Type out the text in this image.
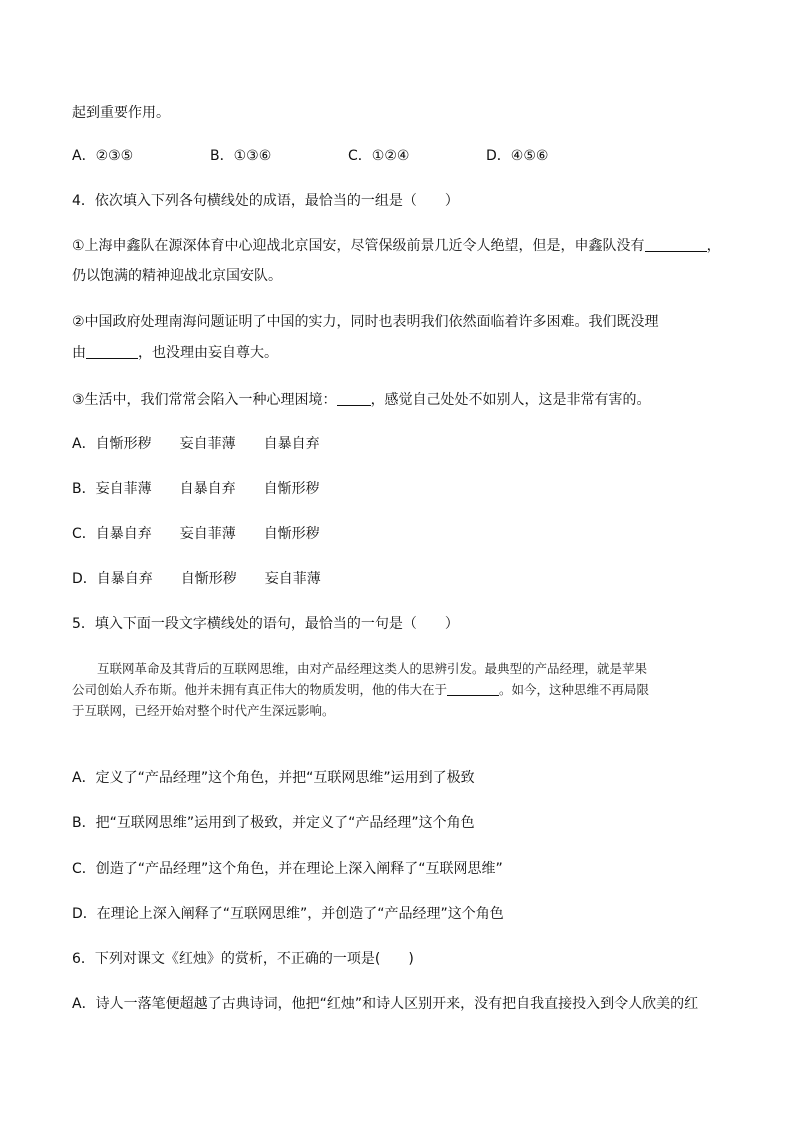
起到重要作用。
A．②③⑤	B．①③⑥	C．①②④	D．④⑤⑥
4．依次填入下列各句横线处的成语，最恰当的一组是（　　）
①上海申鑫队在源深体育中心迎战北京国安，尽管保级前景几近令人绝望，但是，申鑫队没有	，
仍以饱满的精神迎战北京国安队。
②中国政府处理南海问题证明了中国的实力，同时也表明我们依然面临着许多困难。我们既没理
由	，也没理由妄自尊大。
③生活中，我们常常会陷入一种心理困境： ，感觉自己处处不如别人，这是非常有害的。
A．自惭形秽　　妄自菲薄　　自暴自弃
B．妄自菲薄　　自暴自弃　　自惭形秽
C．自暴自弃　　妄自菲薄　　自惭形秽
D．自暴自弃　　自惭形秽　　妄自菲薄
5．填入下面一段文字横线处的语句，最恰当的一句是（　　）

互联网革命及其背后的互联网思维，由对产品经理这类人的思辨引发。最典型的产品经理，就是苹果

公司创始人乔布斯。他并未拥有真正伟大的物质发明，他的伟大在于	。如今，这种思维不再局限

于互联网，已经开始对整个时代产生深远影响。

A．定义了“产品经理”这个角色，并把“互联网思维”运用到了极致
B．把“互联网思维”运用到了极致，并定义了“产品经理”这个角色
C．创造了“产品经理”这个角色，并在理论上深入阐释了“互联网思维”
D．在理论上深入阐释了“互联网思维”，并创造了“产品经理”这个角色
6．下列对课文《红烛》的赏析，不正确的一项是(　　)
A．诗人一落笔便超越了古典诗词，他把“红烛”和诗人区别开来，没有把自我直接投入到令人欣美的红
